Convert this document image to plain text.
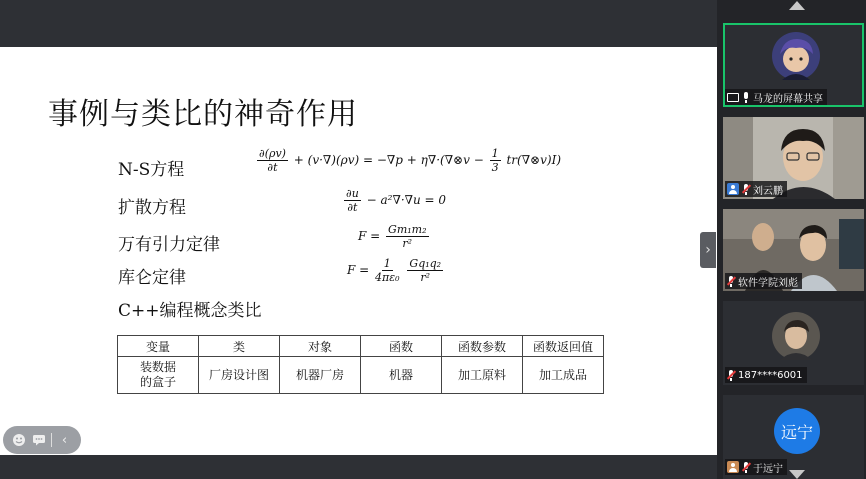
事例与类比的神奇作用
N-S方程
扩散方程
万有引力定律
库仑定律
C++编程概念类比
$\frac{\partial(\rho v)}{\partial t} + (v\cdot\nabla)(\rho v) = -\nabla p$ + η∇·(∇⊗v − $\frac{1}{3}$ tr(∇⊗v)I)
$\frac{\partial u}{\partial t} - a^2\nabla\cdot\nabla u = 0$
$F = \frac{\text{Gm₁m₂}}{\text{r²}}$
$F = \frac{1}{\text{4πε₀}}$
$\frac{\text{Gq₁q₂}}{\text{r²}}$
变量	类	对象	函数	函数参数	函数返回值

装数据
的盒子	厂房设计图	机器厂房	机器	加工原料	加工成品
‹
›
马龙的屏幕共享
刘云鹏
软件学院刘彪
187****6001
于远宁
远宁
